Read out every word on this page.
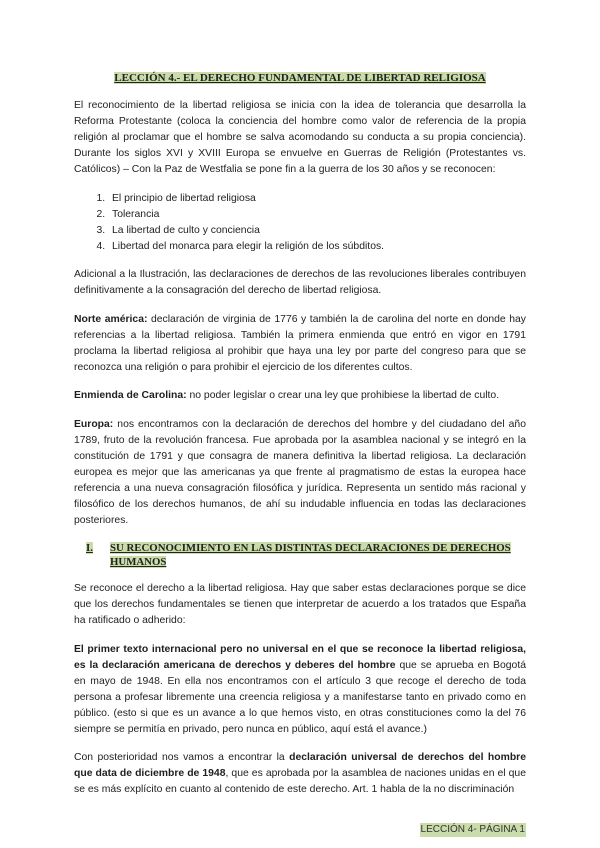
LECCIÓN 4.- EL DERECHO FUNDAMENTAL DE LIBERTAD RELIGIOSA

El reconocimiento de la libertad religiosa se inicia con la idea de tolerancia que desarrolla la Reforma Protestante (coloca la conciencia del hombre como valor de referencia de la propia religión al proclamar que el hombre se salva acomodando su conducta a su propia conciencia). Durante los siglos XVI y XVIII Europa se envuelve en Guerras de Religión (Protestantes vs. Católicos) – Con la Paz de Westfalia se pone fin a la guerra de los 30 años y se reconocen:

1. El principio de libertad religiosa
2. Tolerancia
3. La libertad de culto y conciencia
4. Libertad del monarca para elegir la religión de los súbditos.

Adicional a la Ilustración, las declaraciones de derechos de las revoluciones liberales contribuyen definitivamente a la consagración del derecho de libertad religiosa.

Norte américa: declaración de virginia de 1776 y también la de carolina del norte en donde hay referencias a la libertad religiosa. También la primera enmienda que entró en vigor en 1791 proclama la libertad religiosa al prohibir que haya una ley por parte del congreso para que se reconozca una religión o para prohibir el ejercicio de los diferentes cultos.

Enmienda de Carolina: no poder legislar o crear una ley que prohibiese la libertad de culto.

Europa: nos encontramos con la declaración de derechos del hombre y del ciudadano del año 1789, fruto de la revolución francesa. Fue aprobada por la asamblea nacional y se integró en la constitución de 1791 y que consagra de manera definitiva la libertad religiosa. La declaración europea es mejor que las americanas ya que frente al pragmatismo de estas la europea hace referencia a una nueva consagración filosófica y jurídica. Representa un sentido más racional y filosófico de los derechos humanos, de ahí su indudable influencia en todas las declaraciones posteriores.

I.	SU RECONOCIMIENTO EN LAS DISTINTAS DECLARACIONES DE DERECHOS HUMANOS

Se reconoce el derecho a la libertad religiosa. Hay que saber estas declaraciones porque se dice que los derechos fundamentales se tienen que interpretar de acuerdo a los tratados que España ha ratificado o adherido:

El primer texto internacional pero no universal en el que se reconoce la libertad religiosa, es la declaración americana de derechos y deberes del hombre que se aprueba en Bogotá en mayo de 1948. En ella nos encontramos con el artículo 3 que recoge el derecho de toda persona a profesar libremente una creencia religiosa y a manifestarse tanto en privado como en público. (esto si que es un avance a lo que hemos visto, en otras constituciones como la del 76 siempre se permitía en privado, pero nunca en público, aquí está el avance.)

Con posterioridad nos vamos a encontrar la declaración universal de derechos del hombre que data de diciembre de 1948, que es aprobada por la asamblea de naciones unidas en el que se es más explícito en cuanto al contenido de este derecho. Art. 1 habla de la no discriminación

LECCIÓN 4- PÁGINA 1
